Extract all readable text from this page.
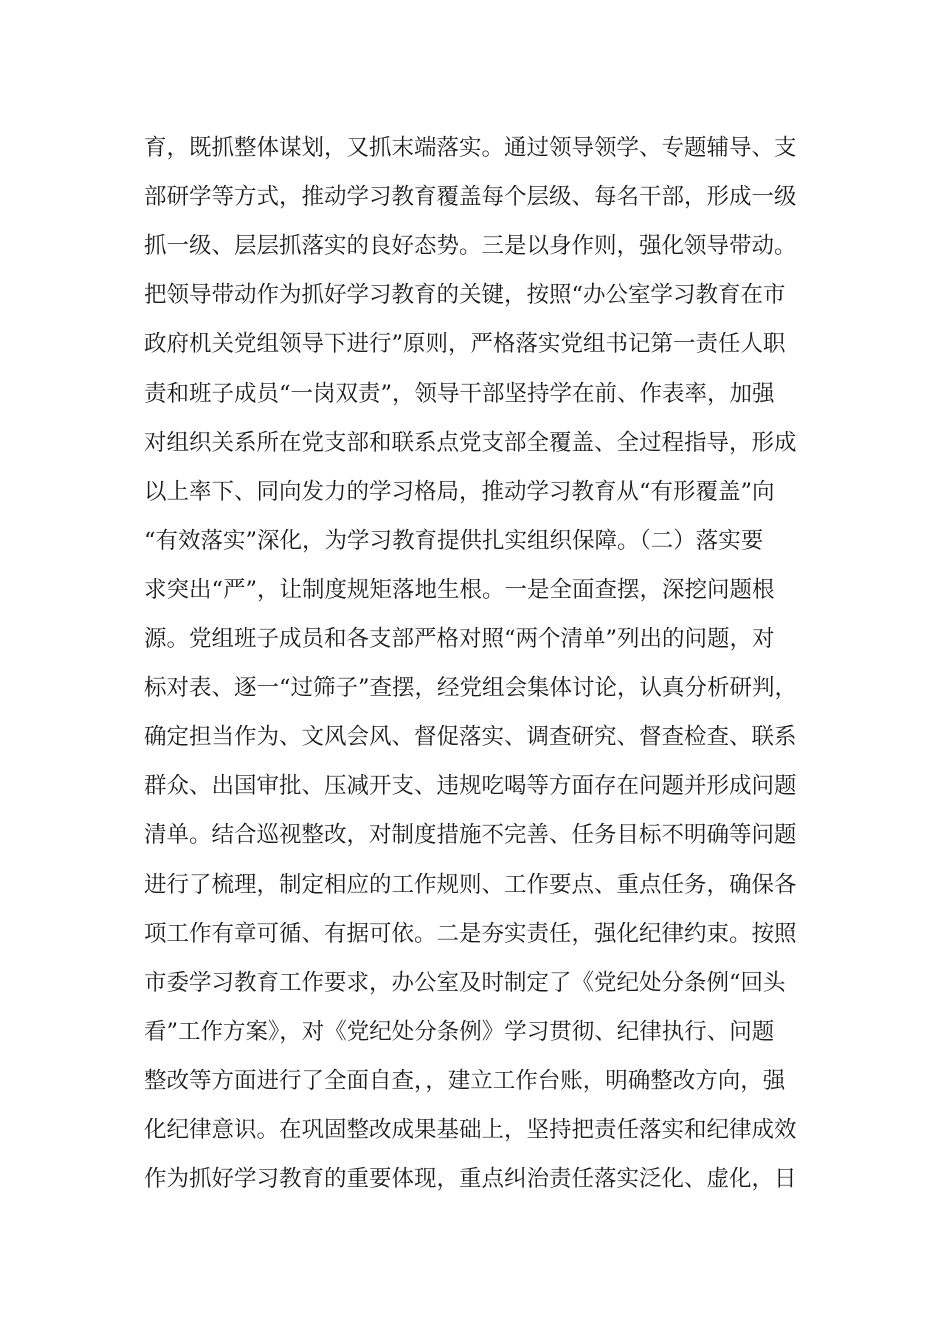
育，既抓整体谋划，又抓末端落实。通过领导领学、专题辅导、支
部研学等方式，推动学习教育覆盖每个层级、每名干部，形成一级
抓一级、层层抓落实的良好态势。三是以身作则，强化领导带动。
把领导带动作为抓好学习教育的关键，按照“办公室学习教育在市
政府机关党组领导下进行”原则，严格落实党组书记第一责任人职
责和班子成员“一岗双责”，领导干部坚持学在前、作表率，加强
对组织关系所在党支部和联系点党支部全覆盖、全过程指导，形成
以上率下、同向发力的学习格局，推动学习教育从“有形覆盖”向
“有效落实”深化，为学习教育提供扎实组织保障。（二）落实要
求突出“严”，让制度规矩落地生根。一是全面查摆，深挖问题根
源。党组班子成员和各支部严格对照“两个清单”列出的问题，对
标对表、逐一“过筛子”查摆，经党组会集体讨论，认真分析研判，
确定担当作为、文风会风、督促落实、调查研究、督查检查、联系
群众、出国审批、压减开支、违规吃喝等方面存在问题并形成问题
清单。结合巡视整改，对制度措施不完善、任务目标不明确等问题
进行了梳理，制定相应的工作规则、工作要点、重点任务，确保各
项工作有章可循、有据可依。二是夯实责任，强化纪律约束。按照
市委学习教育工作要求，办公室及时制定了《党纪处分条例“回头
看”工作方案》，对《党纪处分条例》学习贯彻、纪律执行、问题
整改等方面进行了全面自查，，建立工作台账，明确整改方向，强
化纪律意识。在巩固整改成果基础上，坚持把责任落实和纪律成效
作为抓好学习教育的重要体现，重点纠治责任落实泛化、虚化，日
